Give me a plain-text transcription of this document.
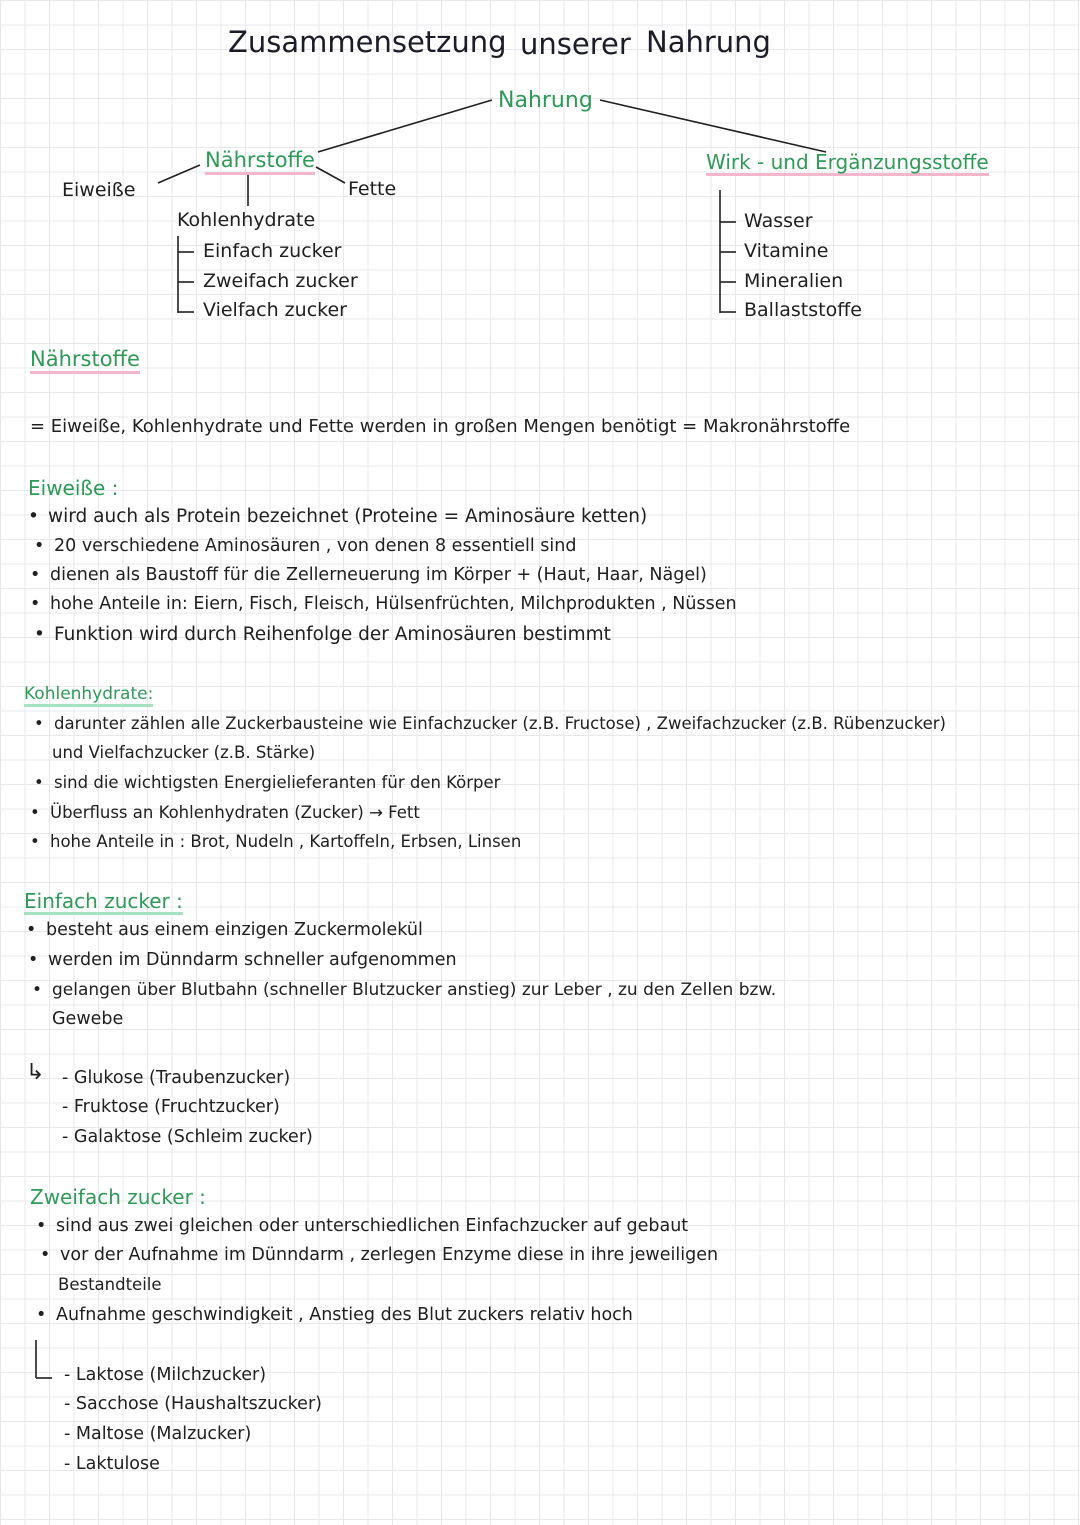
Zusammensetzung unserer Nahrung
Nahrung
Nährstoffe	Wirk - und Ergänzungsstoffe
Eiweiße	Fette
Kohlenhydrate
Einfach zucker
Zweifach zucker
Vielfach zucker
Wasser
Vitamine
Mineralien
Ballaststoffe
Nährstoffe
= Eiweiße, Kohlenhydrate und Fette werden in großen Mengen benötigt = Makronährstoffe
Eiweiße :
• wird auch als Protein bezeichnet (Proteine = Aminosäure ketten)
• 20 verschiedene Aminosäuren , von denen 8 essentiell sind
• dienen als Baustoff für die Zellerneuerung im Körper + (Haut, Haar, Nägel)
• hohe Anteile in: Eiern, Fisch, Fleisch, Hülsenfrüchten, Milchprodukten , Nüssen
• Funktion wird durch Reihenfolge der Aminosäuren bestimmt
Kohlenhydrate:
• darunter zählen alle Zuckerbausteine wie Einfachzucker (z.B. Fructose) , Zweifachzucker (z.B. Rübenzucker)
und Vielfachzucker (z.B. Stärke)
• sind die wichtigsten Energielieferanten für den Körper
• Überfluss an Kohlenhydraten (Zucker) → Fett
• hohe Anteile in : Brot, Nudeln , Kartoffeln, Erbsen, Linsen
Einfach zucker :
• besteht aus einem einzigen Zuckermolekül
• werden im Dünndarm schneller aufgenommen
• gelangen über Blutbahn (schneller Blutzucker anstieg) zur Leber , zu den Zellen bzw.
Gewebe
↳ - Glukose (Traubenzucker)
- Fruktose (Fruchtzucker)
- Galaktose (Schleim zucker)
Zweifach zucker :
• sind aus zwei gleichen oder unterschiedlichen Einfachzucker auf gebaut
• vor der Aufnahme im Dünndarm , zerlegen Enzyme diese in ihre jeweiligen
Bestandteile
• Aufnahme geschwindigkeit , Anstieg des Blut zuckers relativ hoch
- Laktose (Milchzucker)
- Sacchose (Haushaltszucker)
- Maltose (Malzucker)
- Laktulose
